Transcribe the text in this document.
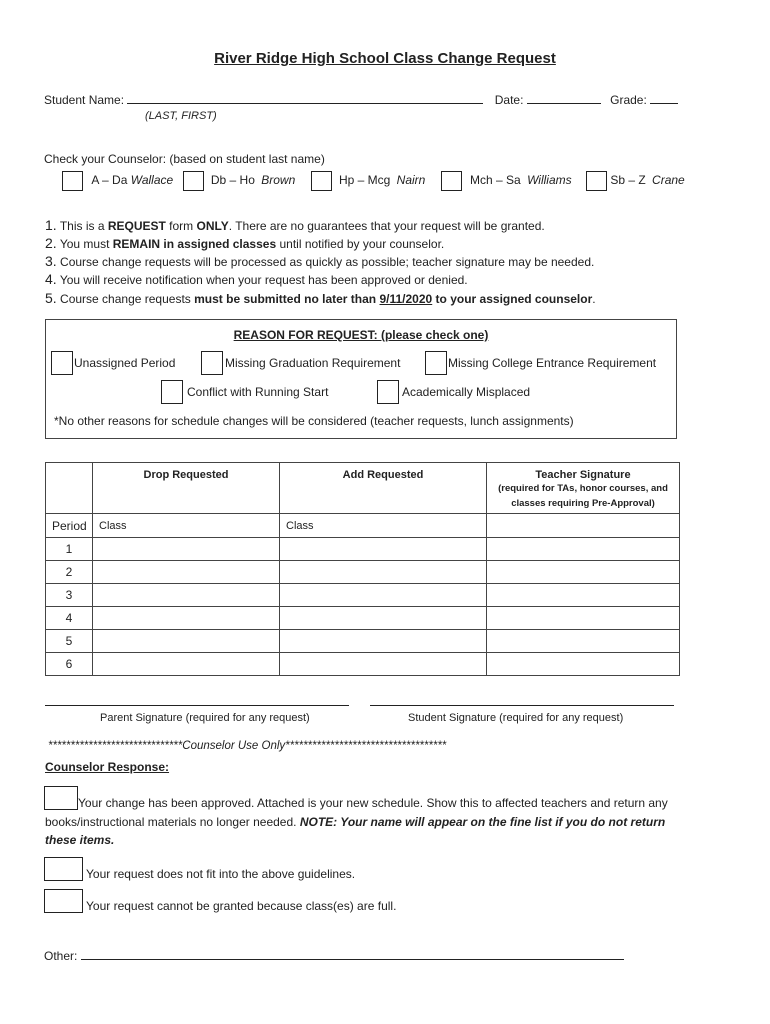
River Ridge High School Class Change Request
Student Name:	Date:	Grade:
(LAST, FIRST)
Check your Counselor: (based on student last name)
A – Da Wallace	Db – Ho Brown	Hp – Mcg Nairn	Mch – Sa Williams	Sb – Z Crane
1. This is a REQUEST form ONLY. There are no guarantees that your request will be granted.
2. You must REMAIN in assigned classes until notified by your counselor.
3. Course change requests will be processed as quickly as possible; teacher signature may be needed.
4. You will receive notification when your request has been approved or denied.
5. Course change requests must be submitted no later than 9/11/2020 to your assigned counselor.
REASON FOR REQUEST: (please check one)
Unassigned Period	Missing Graduation Requirement	Missing College Entrance Requirement
Conflict with Running Start	Academically Misplaced
*No other reasons for schedule changes will be considered (teacher requests, lunch assignments)
	Drop Requested	Add Requested	Teacher Signature
(required for TAs, honor courses, and
classes requiring Pre-Approval)

Period	Class	Class	
1			
2			
3			
4			
5			
6			
Parent Signature (required for any request)	Student Signature (required for any request)
******************************Counselor Use Only************************************
Counselor Response:
Your change has been approved. Attached is your new schedule. Show this to affected teachers and return any
books/instructional materials no longer needed. NOTE: Your name will appear on the fine list if you do not return
these items.
Your request does not fit into the above guidelines.
Your request cannot be granted because class(es) are full.
Other:
